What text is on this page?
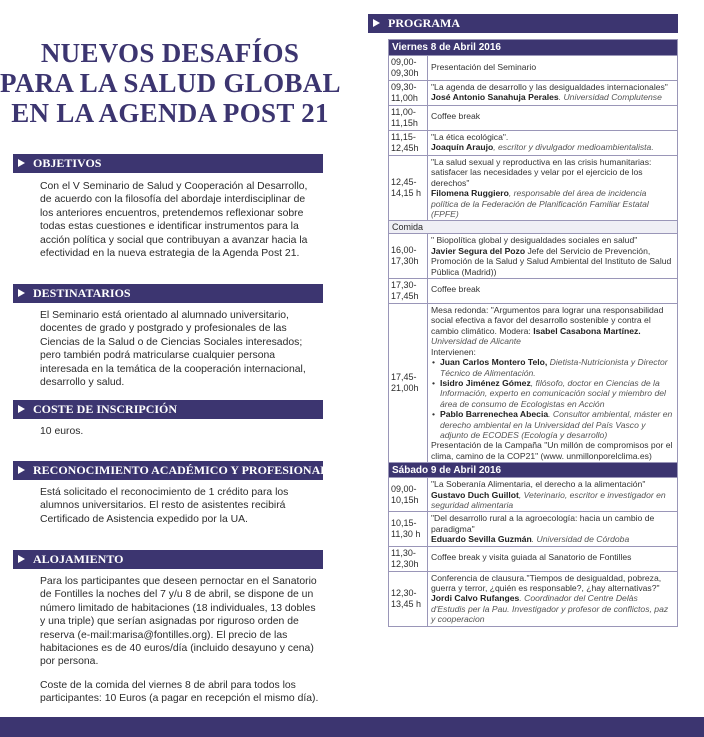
NUEVOS DESAFÍOS
PARA LA SALUD GLOBAL
EN LA AGENDA POST 21
OBJETIVOS

Con el V Seminario de Salud y Cooperación al Desarrollo, de acuerdo con la filosofía del abordaje interdisciplinar de los anteriores encuentros, pretendemos reflexionar sobre todas estas cuestiones e identificar instrumentos para la acción política y social que contribuyan a avanzar hacia la efectividad en la nueva estrategia de la Agenda Post 21.

DESTINATARIOS

El Seminario está orientado al alumnado universitario, docentes de grado y postgrado y profesionales de las Ciencias de la Salud o de Ciencias Sociales interesados; pero también podrá matricularse cualquier persona interesada en la temática de la cooperación internacional, desarrollo y salud.

COSTE DE INSCRIPCIÓN

10 euros.

RECONOCIMIENTO ACADÉMICO Y PROFESIONAL

Está solicitado el reconocimiento de 1 crédito para los alumnos universitarios. El resto de asistentes recibirá Certificado de Asistencia expedido por la UA.

ALOJAMIENTO

Para los participantes que deseen pernoctar en el Sanatorio de Fontilles la noches del 7 y/u 8 de abril, se dispone de un número limitado de habitaciones (18 individuales, 13 dobles y una triple) que serían asignadas por riguroso orden de reserva (e-mail:marisa@fontilles.org). El precio de las habitaciones es de 40 euros/día (incluido desayuno y cena) por persona.

Coste de la comida del viernes 8 de abril para todos los participantes: 10 Euros (a pagar en recepción el mismo día).

PROGRAMA
Viernes 8 de Abril 2016
09,00-09,30h
Presentación del Seminario
09,30-11,00h
"La agenda de desarrollo y las desigualdades internacionales"
José Antonio Sanahuja Perales. Universidad Complutense
11,00-11,15h
Coffee break
11,15-12,45h
"La ética ecológica".
Joaquín Araujo, escritor y divulgador medioambientalista.
12,45-14,15 h
"La salud sexual y reproductiva en las crisis humanitarias: satisfacer las necesidades y velar por el ejercicio de los derechos"
Filomena Ruggiero, responsable del área de incidencia política de la Federación de Planificación Familiar Estatal (FPFE)
Comida
16,00-17,30h
" Biopolítica global y desigualdades sociales en salud"
Javier Segura del Pozo Jefe del Servicio de Prevención, Promoción de la Salud y Salud Ambiental del Instituto de Salud Pública (Madrid))
17,30-17,45h
Coffee break
17,45-21,00h
Mesa redonda: "Argumentos para lograr una responsabilidad social efectiva a favor del desarrollo sostenible y contra el cambio climático. Modera: Isabel Casabona Martínez. Universidad de Alicante
Intervienen:
• Juan Carlos Montero Telo, Dietista-Nutricionista y Director Técnico de Alimentación.
• Isidro Jiménez Gómez, filósofo, doctor en Ciencias de la Información, experto en comunicación social y miembro del área de consumo de Ecologistas en Acción
• Pablo Barrenechea Abecia. Consultor ambiental, máster en derecho ambiental en la Universidad del País Vasco y adjunto de ECODES (Ecología y desarrollo)
Presentación de la Campaña "Un millón de compromisos por el clima, camino de la COP21" (www. unmillonporelclima.es)
Sábado 9 de Abril 2016
09,00-10,15h
"La Soberanía Alimentaria, el derecho a la alimentación"
Gustavo Duch Guillot, Veterinario, escritor e investigador en seguridad alimentaria
10,15-11,30 h
"Del desarrollo rural a la agroecología: hacia un cambio de paradigma"
Eduardo Sevilla Guzmán. Universidad de Córdoba
11,30-12,30h
Coffee break y visita guiada al Sanatorio de Fontilles
12,30-13,45 h
Conferencia de clausura."Tiempos de desigualdad, pobreza, guerra y terror, ¿quién es responsable?, ¿hay alternativas?"
Jordi Calvo Rufanges. Coordinador del Centre Delàs d'Estudis per la Pau. Investigador y profesor de conflictos, paz y cooperacion
